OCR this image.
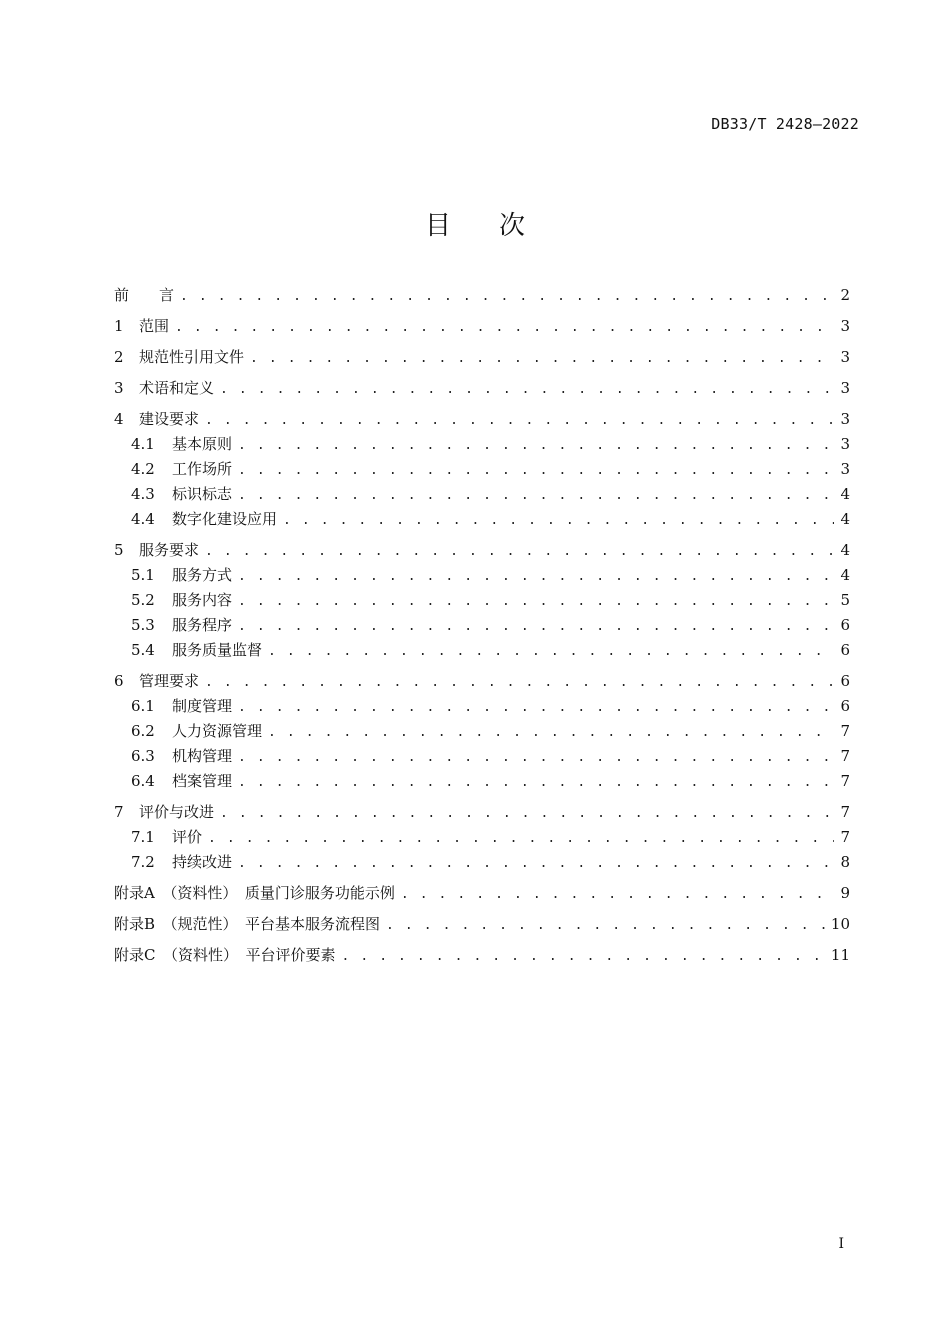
DB33/T 2428—2022
目 次
前　　言 . . .	2
1	范围 . . .	3
2	规范性引用文件 . . .	3
3	术语和定义 . . .	3
4	建设要求 . . .	3
4.1	基本原则 . . .	3
4.2	工作场所 . . .	3
4.3	标识标志 . . .	4
4.4	数字化建设应用 . . .	4
5	服务要求 . . .	4
5.1	服务方式 . . .	4
5.2	服务内容 . . .	5
5.3	服务程序 . . .	6
5.4	服务质量监督 . . .	6
6	管理要求 . . .	6
6.1	制度管理 . . .	6
6.2	人力资源管理 . . .	7
6.3	机构管理 . . .	7
6.4	档案管理 . . .	7
7	评价与改进 . . .	7
7.1	评价 . . .	7
7.2	持续改进 . . .	8
附录A　（资料性）　质量门诊服务功能示例 . . .	9
附录B　（规范性）　平台基本服务流程图 . . .	10
附录C　（资料性）　平台评价要素 . . .	11
I
